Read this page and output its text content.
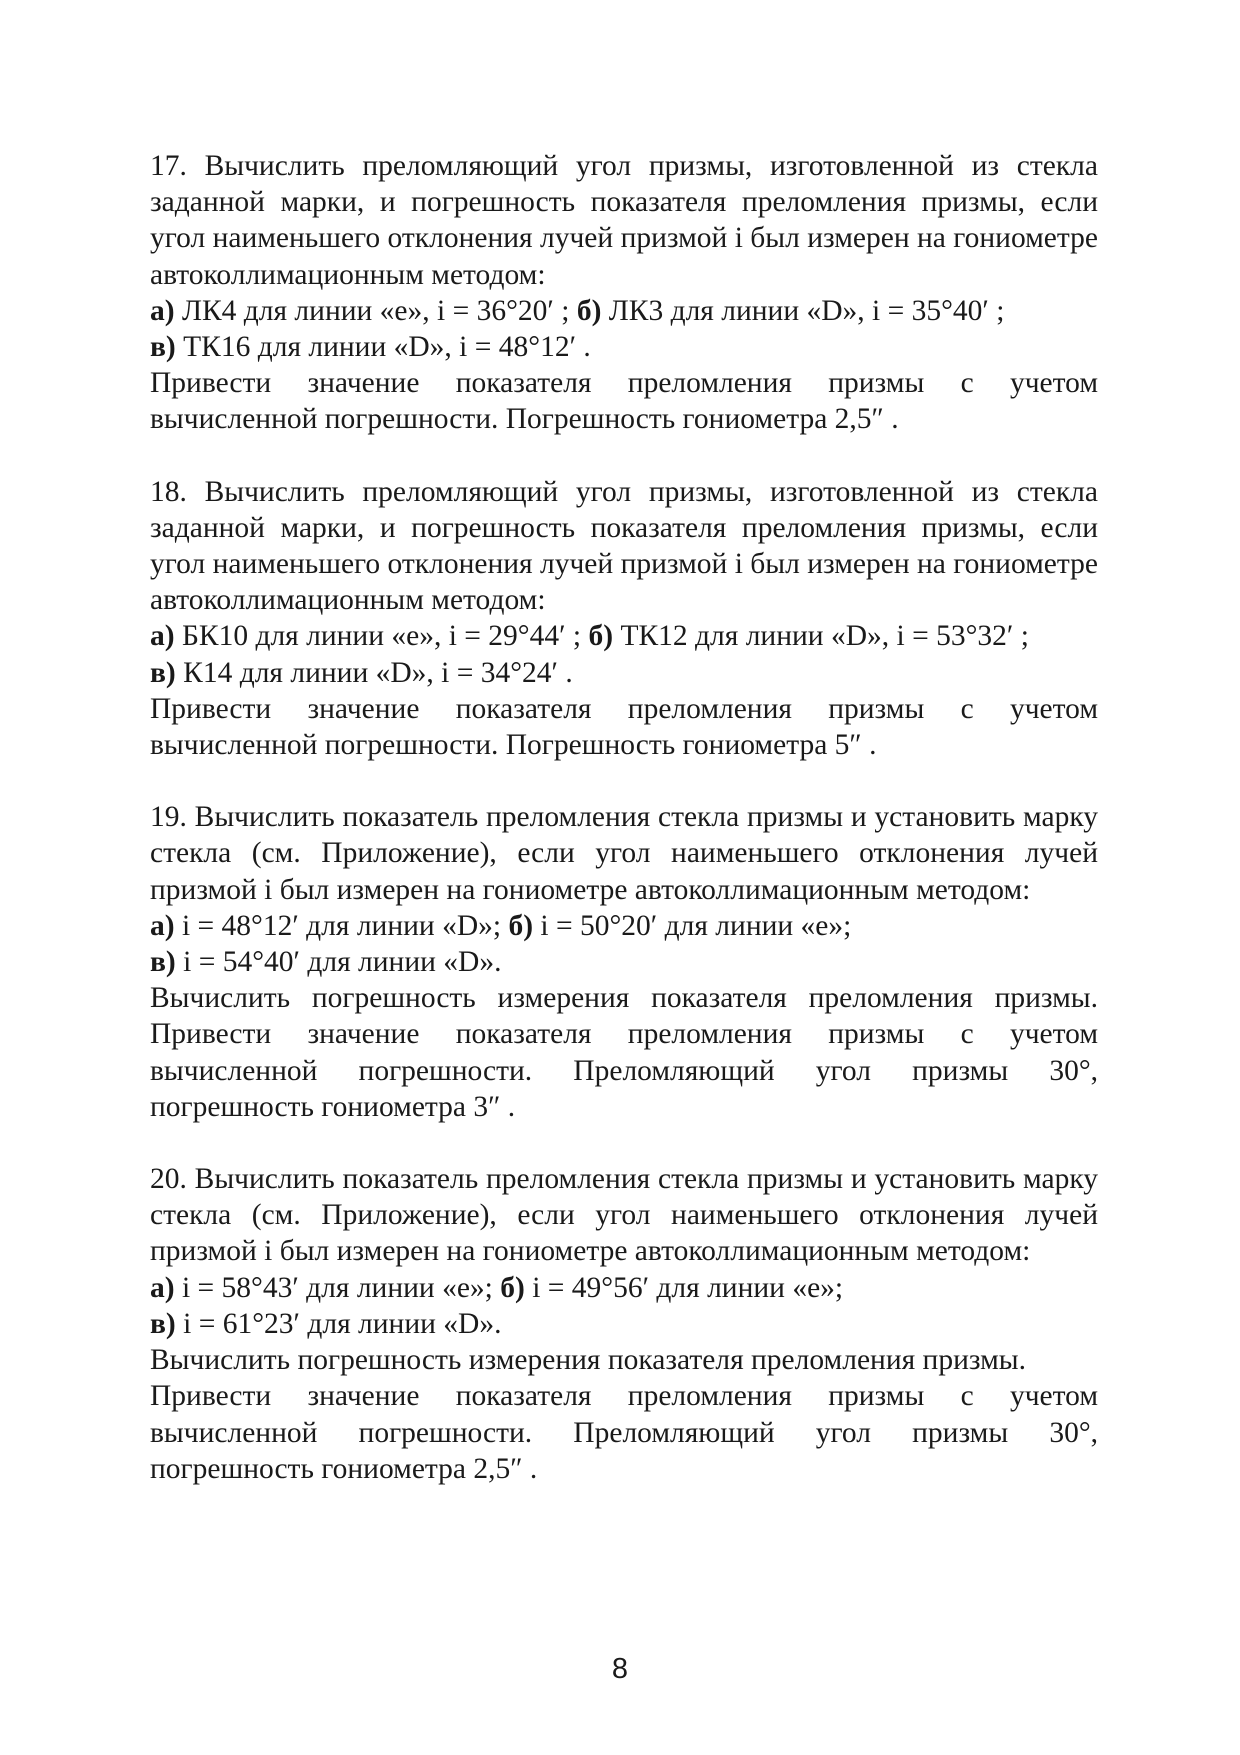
17. Вычислить преломляющий угол призмы, изготовленной из стекла заданной марки, и погрешность показателя преломления призмы, если угол наименьшего отклонения лучей призмой i был измерен на гониометре автоколлимационным методом:

а) ЛК4 для линии «e», i = 36°20′ ; б) ЛК3 для линии «D», i = 35°40′ ;

в) ТК16 для линии «D», i = 48°12′ .

Привести значение показателя преломления призмы с учетом вычисленной погрешности. Погрешность гониометра 2,5″ .

18. Вычислить преломляющий угол призмы, изготовленной из стекла заданной марки, и погрешность показателя преломления призмы, если угол наименьшего отклонения лучей призмой i был измерен на гониометре автоколлимационным методом:

а) БК10 для линии «e», i = 29°44′ ; б) ТК12 для линии «D», i = 53°32′ ;

в) К14 для линии «D», i = 34°24′ .

Привести значение показателя преломления призмы с учетом вычисленной погрешности. Погрешность гониометра 5″ .

19. Вычислить показатель преломления стекла призмы и установить марку стекла (см. Приложение), если угол наименьшего отклонения лучей призмой i был измерен на гониометре автоколлимационным методом:

а) i = 48°12′ для линии «D»; б) i = 50°20′ для линии «e»;

в) i = 54°40′ для линии «D».

Вычислить погрешность измерения показателя преломления призмы.

Привести значение показателя преломления призмы с учетом вычисленной погрешности. Преломляющий угол призмы 30°, погрешность гониометра 3″ .

20. Вычислить показатель преломления стекла призмы и установить марку стекла (см. Приложение), если угол наименьшего отклонения лучей призмой i был измерен на гониометре автоколлимационным методом:

а) i = 58°43′ для линии «e»; б) i = 49°56′ для линии «e»;

в) i = 61°23′ для линии «D».

Вычислить погрешность измерения показателя преломления призмы.

Привести значение показателя преломления призмы с учетом вычисленной погрешности. Преломляющий угол призмы 30°, погрешность гониометра 2,5″ .

8
